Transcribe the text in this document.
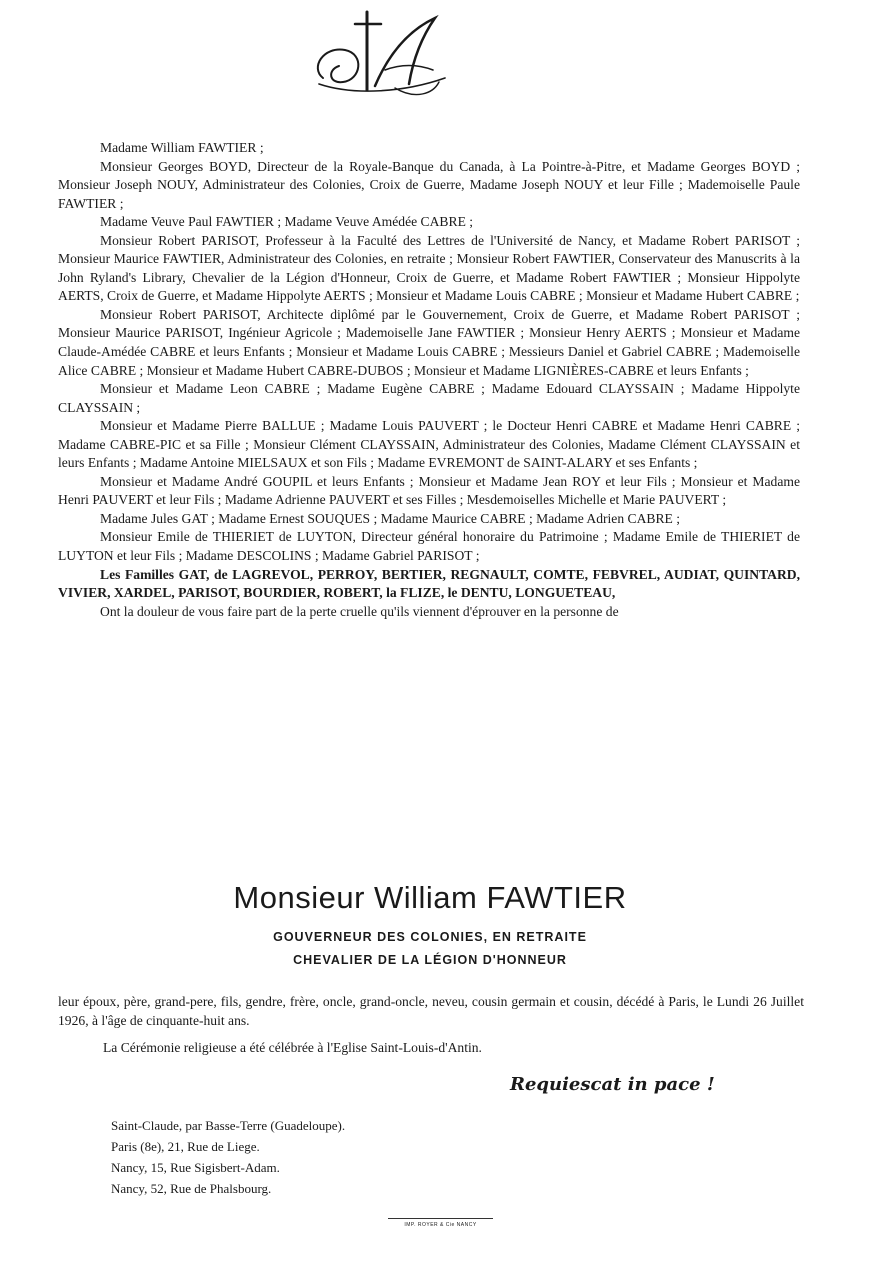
Madame William FAWTIER ;

Monsieur Georges BOYD, Directeur de la Royale-Banque du Canada, à La Pointre-à-Pitre, et Madame Georges BOYD ; Monsieur Joseph NOUY, Administrateur des Colonies, Croix de Guerre, Madame Joseph NOUY et leur Fille ; Mademoiselle Paule FAWTIER ;

Madame Veuve Paul FAWTIER ; Madame Veuve Amédée CABRE ;

Monsieur Robert PARISOT, Professeur à la Faculté des Lettres de l'Université de Nancy, et Madame Robert PARISOT ; Monsieur Maurice FAWTIER, Administrateur des Colonies, en retraite ; Monsieur Robert FAWTIER, Conservateur des Manuscrits à la John Ryland's Library, Chevalier de la Légion d'Honneur, Croix de Guerre, et Madame Robert FAWTIER ; Monsieur Hippolyte AERTS, Croix de Guerre, et Madame Hippolyte AERTS ; Monsieur et Madame Louis CABRE ; Monsieur et Madame Hubert CABRE ;

Monsieur Robert PARISOT, Architecte diplômé par le Gouvernement, Croix de Guerre, et Madame Robert PARISOT ; Monsieur Maurice PARISOT, Ingénieur Agricole ; Mademoiselle Jane FAWTIER ; Monsieur Henry AERTS ; Monsieur et Madame Claude-Amédée CABRE et leurs Enfants ; Monsieur et Madame Louis CABRE ; Messieurs Daniel et Gabriel CABRE ; Mademoiselle Alice CABRE ; Monsieur et Madame Hubert CABRE-DUBOS ; Monsieur et Madame LIGNIÈRES-CABRE et leurs Enfants ;

Monsieur et Madame Leon CABRE ; Madame Eugène CABRE ; Madame Edouard CLAYSSAIN ; Madame Hippolyte CLAYSSAIN ;

Monsieur et Madame Pierre BALLUE ; Madame Louis PAUVERT ; le Docteur Henri CABRE et Madame Henri CABRE ; Madame CABRE-PIC et sa Fille ; Monsieur Clément CLAYSSAIN, Administrateur des Colonies, Madame Clément CLAYSSAIN et leurs Enfants ; Madame Antoine MIELSAUX et son Fils ; Madame EVREMONT de SAINT-ALARY et ses Enfants ;

Monsieur et Madame André GOUPIL et leurs Enfants ; Monsieur et Madame Jean ROY et leur Fils ; Monsieur et Madame Henri PAUVERT et leur Fils ; Madame Adrienne PAUVERT et ses Filles ; Mesdemoiselles Michelle et Marie PAUVERT ;

Madame Jules GAT ; Madame Ernest SOUQUES ; Madame Maurice CABRE ; Madame Adrien CABRE ;

Monsieur Emile de THIERIET de LUYTON, Directeur général honoraire du Patrimoine ; Madame Emile de THIERIET de LUYTON et leur Fils ; Madame DESCOLINS ; Madame Gabriel PARISOT ;

Les Familles GAT, de LAGREVOL, PERROY, BERTIER, REGNAULT, COMTE, FEBVREL, AUDIAT, QUINTARD, VIVIER, XARDEL, PARISOT, BOURDIER, ROBERT, la FLIZE, le DENTU, LONGUETEAU,

Ont la douleur de vous faire part de la perte cruelle qu'ils viennent d'éprouver en la personne de

Monsieur William FAWTIER
GOUVERNEUR DES COLONIES, EN RETRAITE
CHEVALIER DE LA LÉGION D'HONNEUR

leur époux, père, grand-pere, fils, gendre, frère, oncle, grand-oncle, neveu, cousin germain et cousin, décédé à Paris, le Lundi 26 Juillet 1926, à l'âge de cinquante-huit ans.

La Cérémonie religieuse a été célébrée à l'Eglise Saint-Louis-d'Antin.
Requiescat in pace !
Saint-Claude, par Basse-Terre (Guadeloupe).
Paris (8e), 21, Rue de Liege.
Nancy, 15, Rue Sigisbert-Adam.
Nancy, 52, Rue de Phalsbourg.
IMP. ROYER & Cie NANCY
